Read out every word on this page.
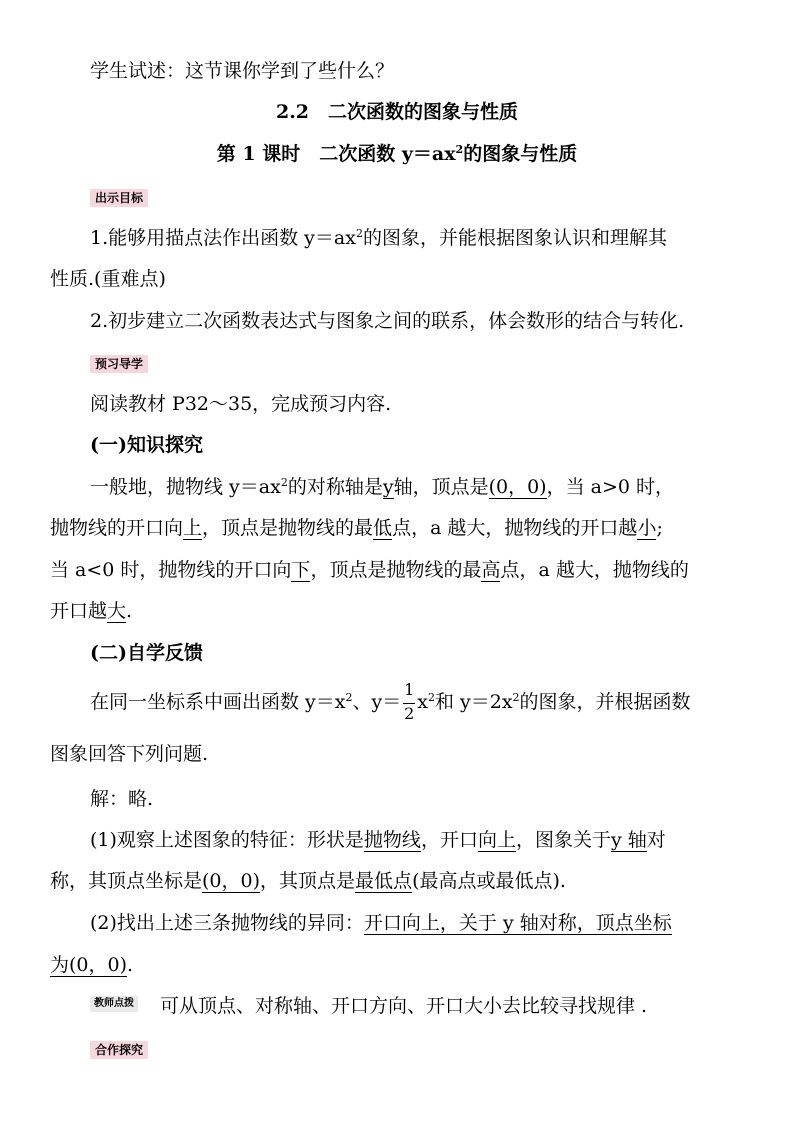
学生试述：这节课你学到了些什么？
2.2　二次函数的图象与性质
第 1 课时　二次函数 $y=ax^2$的图象与性质
出示目标
1.能够用描点法作出函数 $y=ax^2$的图象，并能根据图象认识和理解其
性质.(重难点)
2.初步建立二次函数表达式与图象之间的联系，体会数形的结合与转化.
预习导学
阅读教材 P32～35，完成预习内容.
(一)知识探究
一般地，抛物线 $y=ax^2$的对称轴是y轴，顶点是(0，0)，当 a>0 时，
抛物线的开口向上，顶点是抛物线的最低点，a 越大，抛物线的开口越小;
当 a<0 时，抛物线的开口向下，顶点是抛物线的最高点，a 越大，抛物线的
开口越大.
(二)自学反馈
在同一坐标系中画出函数 $y=x^2$、$y= \frac{1}{2} x^2$和 $y=2x^2$的图象，并根据函数
图象回答下列问题.
解：略.
(1)观察上述图象的特征：形状是抛物线，开口向上，图象关于y 轴对
称，其顶点坐标是(0，0)，其顶点是最低点(最高点或最低点).
(2)找出上述三条抛物线的异同：开口向上，关于 y 轴对称，顶点坐标
为(0，0).
教师点拨 可从顶点、对称轴、开口方向、开口大小去比较寻找规律 .
合作探究
